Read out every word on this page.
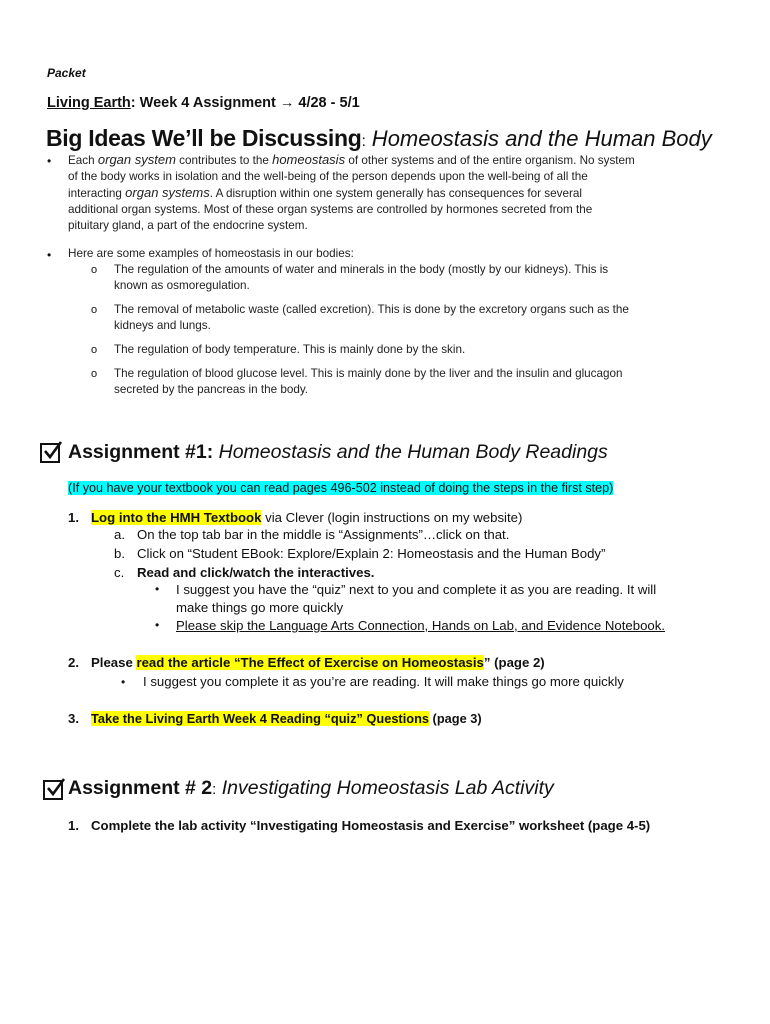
Packet
Living Earth: Week 4 Assignment → 4/28 - 5/1
Big Ideas We’ll be Discussing: Homeostasis and the Human Body
• Each organ system contributes to the homeostasis of other systems and of the entire organism. No system
of the body works in isolation and the well-being of the person depends upon the well-being of all the
interacting organ systems. A disruption within one system generally has consequences for several
additional organ systems. Most of these organ systems are controlled by hormones secreted from the
pituitary gland, a part of the endocrine system.
• Here are some examples of homeostasis in our bodies:
o The regulation of the amounts of water and minerals in the body (mostly by our kidneys). This is
known as osmoregulation.
o The removal of metabolic waste (called excretion). This is done by the excretory organs such as the
kidneys and lungs.
o The regulation of body temperature. This is mainly done by the skin.
o The regulation of blood glucose level. This is mainly done by the liver and the insulin and glucagon
secreted by the pancreas in the body.
Assignment #1: Homeostasis and the Human Body Readings
(If you have your textbook you can read pages 496-502 instead of doing the steps in the first step)
1. Log into the HMH Textbook via Clever (login instructions on my website)
a. On the top tab bar in the middle is “Assignments”…click on that.
b. Click on “Student EBook: Explore/Explain 2: Homeostasis and the Human Body”
c. Read and click/watch the interactives.
• I suggest you have the “quiz” next to you and complete it as you are reading. It will
make things go more quickly
• Please skip the Language Arts Connection, Hands on Lab, and Evidence Notebook.
2. Please read the article “The Effect of Exercise on Homeostasis” (page 2)
• I suggest you complete it as you’re are reading. It will make things go more quickly
3. Take the Living Earth Week 4 Reading “quiz” Questions (page 3)
Assignment # 2: Investigating Homeostasis Lab Activity
1. Complete the lab activity “Investigating Homeostasis and Exercise” worksheet (page 4-5)
